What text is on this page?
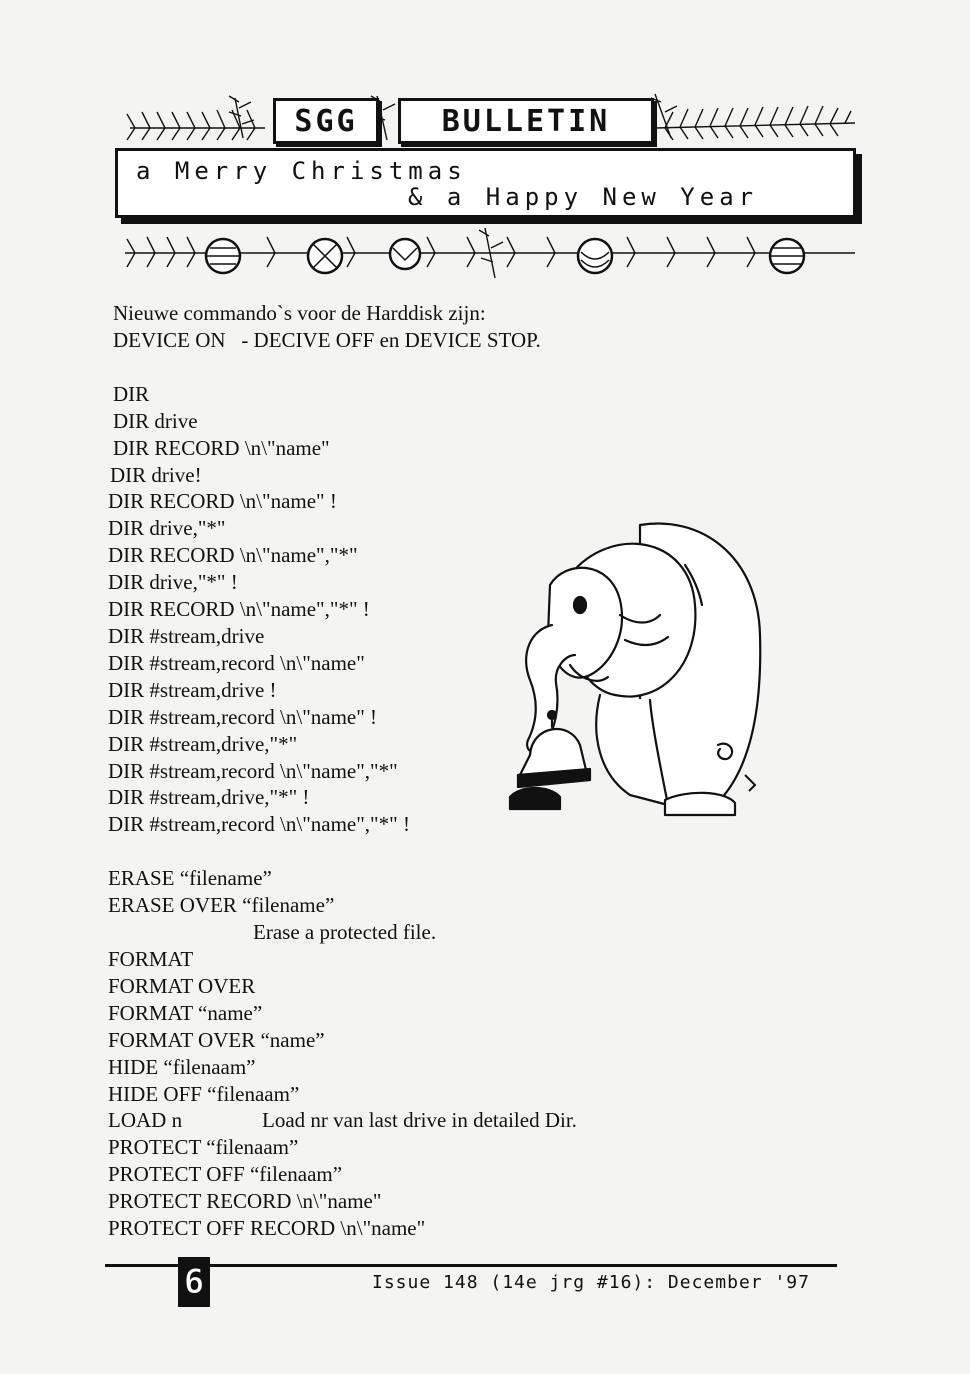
SGG	BULLETIN
a Merry Christmas
& a Happy New Year
Nieuwe commando`s voor de Harddisk zijn:
DEVICE ON   - DECIVE OFF en DEVICE STOP.
DIR
DIR drive
DIR RECORD \n\"name"
DIR drive!
DIR RECORD \n\"name" !
DIR drive,"*"
DIR RECORD \n\"name","*"
DIR drive,"*" !
DIR RECORD \n\"name","*" !
DIR #stream,drive
DIR #stream,record \n\"name"
DIR #stream,drive !
DIR #stream,record \n\"name" !
DIR #stream,drive,"*"
DIR #stream,record \n\"name","*"
DIR #stream,drive,"*" !
DIR #stream,record \n\"name","*" !
ERASE “filename”
ERASE OVER “filename”
Erase a protected file.
FORMAT
FORMAT OVER
FORMAT “name”
FORMAT OVER “name”
HIDE “filenaam”
HIDE OFF “filenaam”
LOAD n	Load nr van last drive in detailed Dir.
PROTECT “filenaam”
PROTECT OFF “filenaam”
PROTECT RECORD \n\"name"
PROTECT OFF RECORD \n\"name"
6	Issue 148 (14e jrg #16): December '97
